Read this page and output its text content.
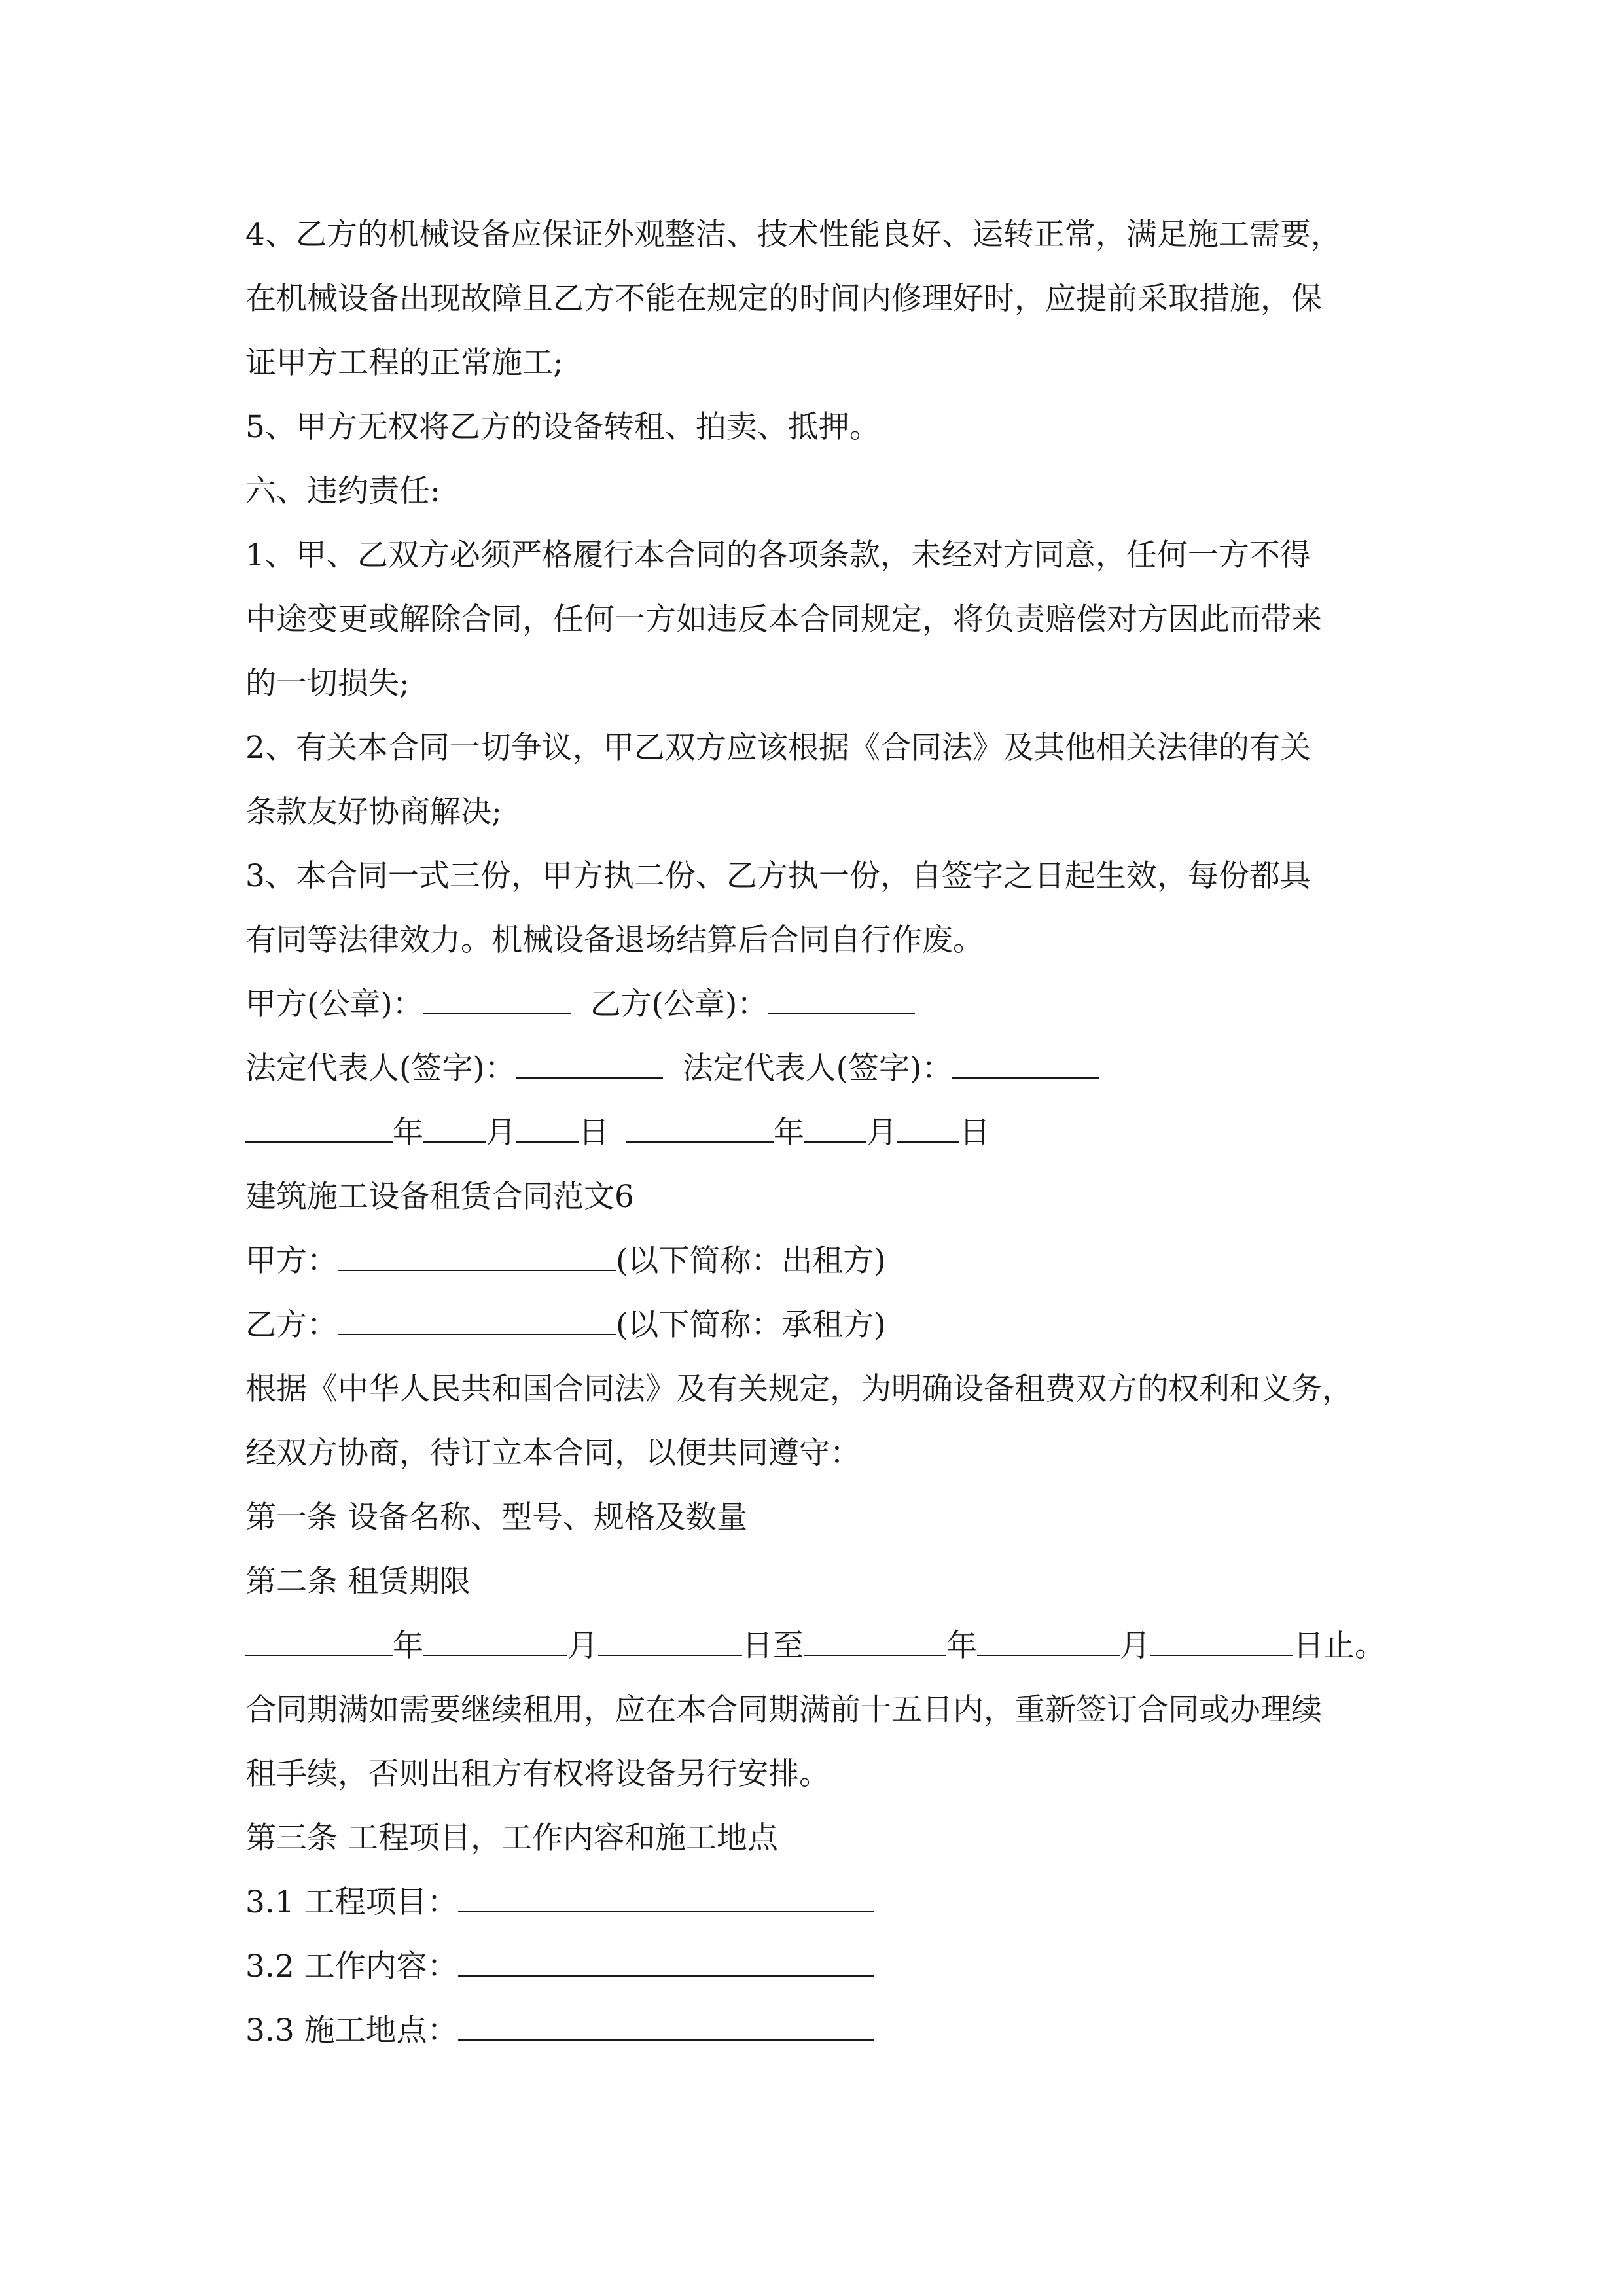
4、乙方的机械设备应保证外观整洁、技术性能良好、运转正常，满足施工需要，
在机械设备出现故障且乙方不能在规定的时间内修理好时，应提前采取措施，保
证甲方工程的正常施工;
5、甲方无权将乙方的设备转租、拍卖、抵押。
六、违约责任:
1、甲、乙双方必须严格履行本合同的各项条款，未经对方同意，任何一方不得
中途变更或解除合同，任何一方如违反本合同规定，将负责赔偿对方因此而带来
的一切损失;
2、有关本合同一切争议，甲乙双方应该根据《合同法》及其他相关法律的有关
条款友好协商解决;
3、本合同一式三份，甲方执二份、乙方执一份，自签字之日起生效，每份都具
有同等法律效力。机械设备退场结算后合同自行作废。
甲方(公章)：	乙方(公章)：
法定代表人(签字)：	法定代表人(签字)：
年 月 日	年 月 日
建筑施工设备租赁合同范文6
甲方：	(以下简称：出租方)
乙方：	(以下简称：承租方)
根据《中华人民共和国合同法》及有关规定，为明确设备租费双方的权利和义务，
经双方协商，待订立本合同，以便共同遵守：
第一条 设备名称、型号、规格及数量
第二条 租赁期限
年	月	日至	年	月	日止。
合同期满如需要继续租用，应在本合同期满前十五日内，重新签订合同或办理续
租手续，否则出租方有权将设备另行安排。
第三条 工程项目，工作内容和施工地点
3.1 工程项目：
3.2 工作内容：
3.3 施工地点：
